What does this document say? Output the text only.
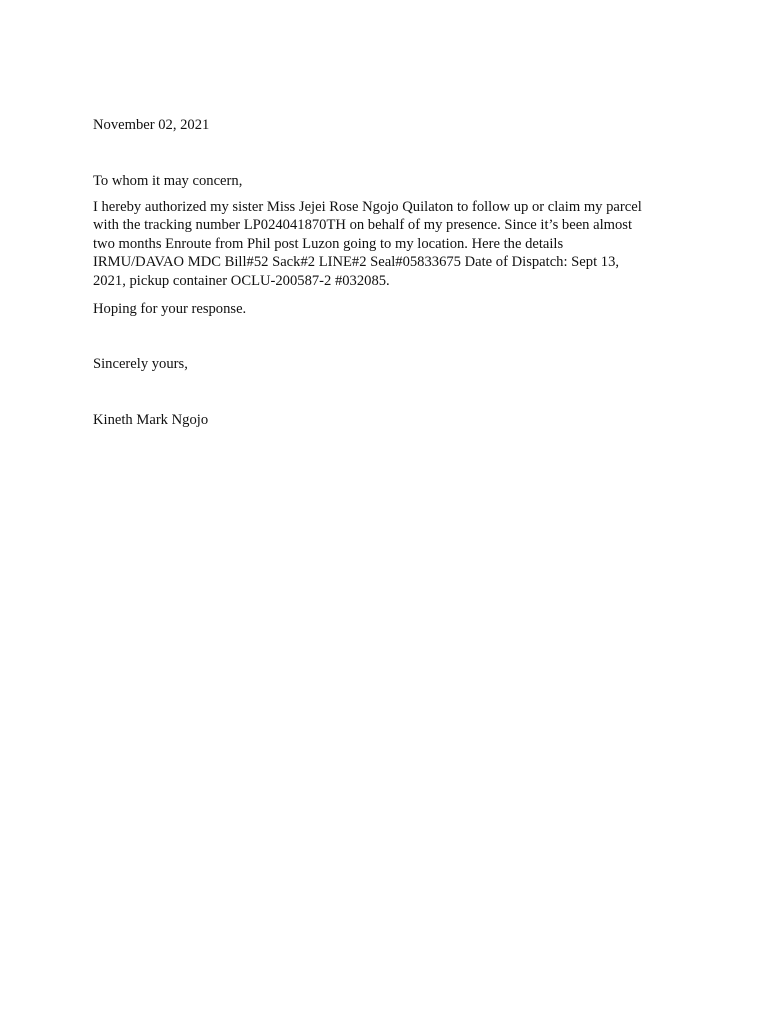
November 02, 2021

To whom it may concern,

I hereby authorized my sister Miss Jejei Rose Ngojo Quilaton to follow up or claim my parcel
with the tracking number LP024041870TH on behalf of my presence. Since it’s been almost
two months Enroute from Phil post Luzon going to my location. Here the details
IRMU/DAVAO MDC Bill#52 Sack#2 LINE#2 Seal#05833675 Date of Dispatch: Sept 13,
2021, pickup container OCLU-200587-2 #032085.

Hoping for your response.

Sincerely yours,

Kineth Mark Ngojo
